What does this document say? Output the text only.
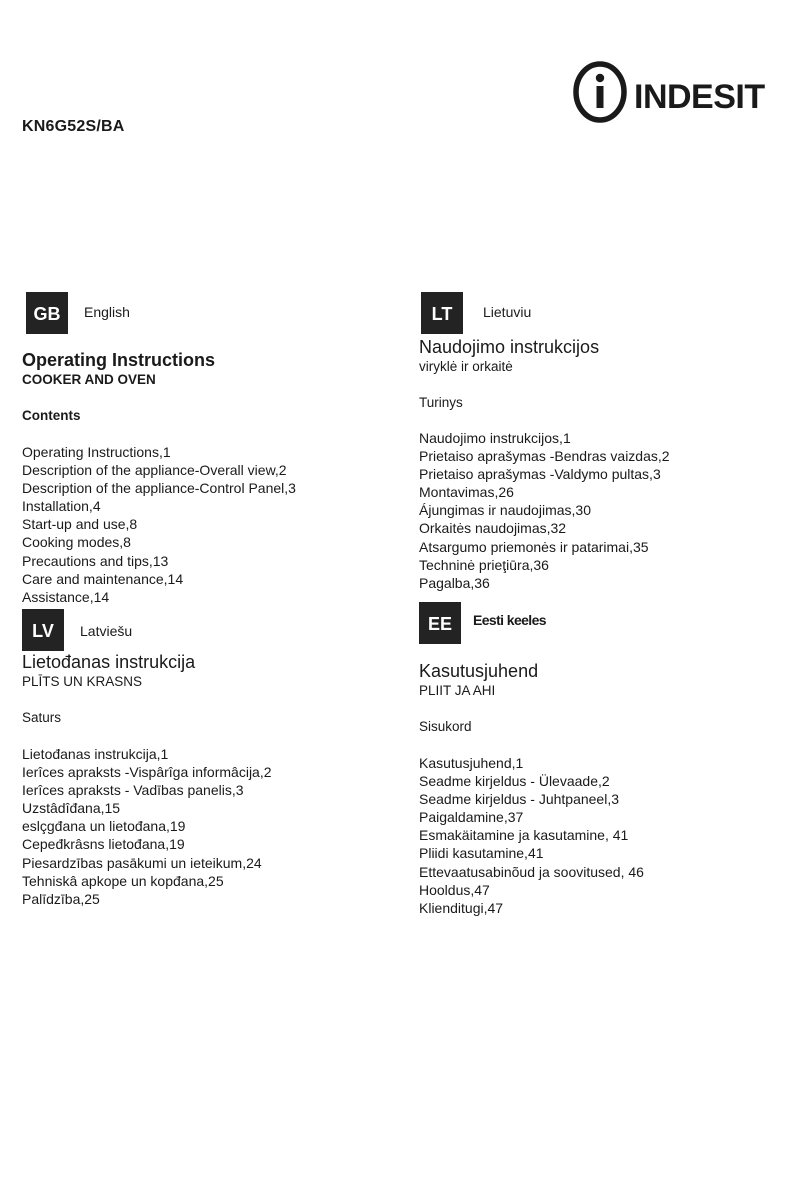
INDESIT
KN6G52S/BA
GB	English
Operating Instructions
COOKER AND OVEN
Contents
Operating Instructions,1
Description of the appliance-Overall view,2
Description of the appliance-Control Panel,3
Installation,4
Start-up and use,8
Cooking modes,8
Precautions and tips,13
Care and maintenance,14
Assistance,14
LV	Latviešu
Lietođanas instrukcija
PLĪTS UN KRASNS
Saturs
Lietođanas instrukcija,1
Ierîces apraksts -Vispârîga informâcija,2
Ierîces apraksts - Vadības panelis,3
Uzstâdîđana,15
eslçgđana un lietođana,19
Cepeđkrâsns lietođana,19
Piesardzības pasākumi un ieteikum,24
Tehniskâ apkope un kopđana,25
Palīdzība,25
LT	Lietuviu
Naudojimo instrukcijos
viryklė ir orkaitė
Turinys
Naudojimo instrukcijos,1
Prietaiso aprašymas -Bendras vaizdas,2
Prietaiso aprašymas -Valdymo pultas,3
Montavimas,26
Ájungimas ir naudojimas,30
Orkaitės naudojimas,32
Atsargumo priemonės ir patarimai,35
Techninė prieţiūra,36
Pagalba,36
EE	Eesti keeles
Kasutusjuhend
PLIIT JA AHI
Sisukord
Kasutusjuhend,1
Seadme kirjeldus - Ülevaade,2
Seadme kirjeldus - Juhtpaneel,3
Paigaldamine,37
Esmakäitamine ja kasutamine, 41
Pliidi kasutamine,41
Ettevaatusabinõud ja soovitused, 46
Hooldus,47
Klienditugi,47
